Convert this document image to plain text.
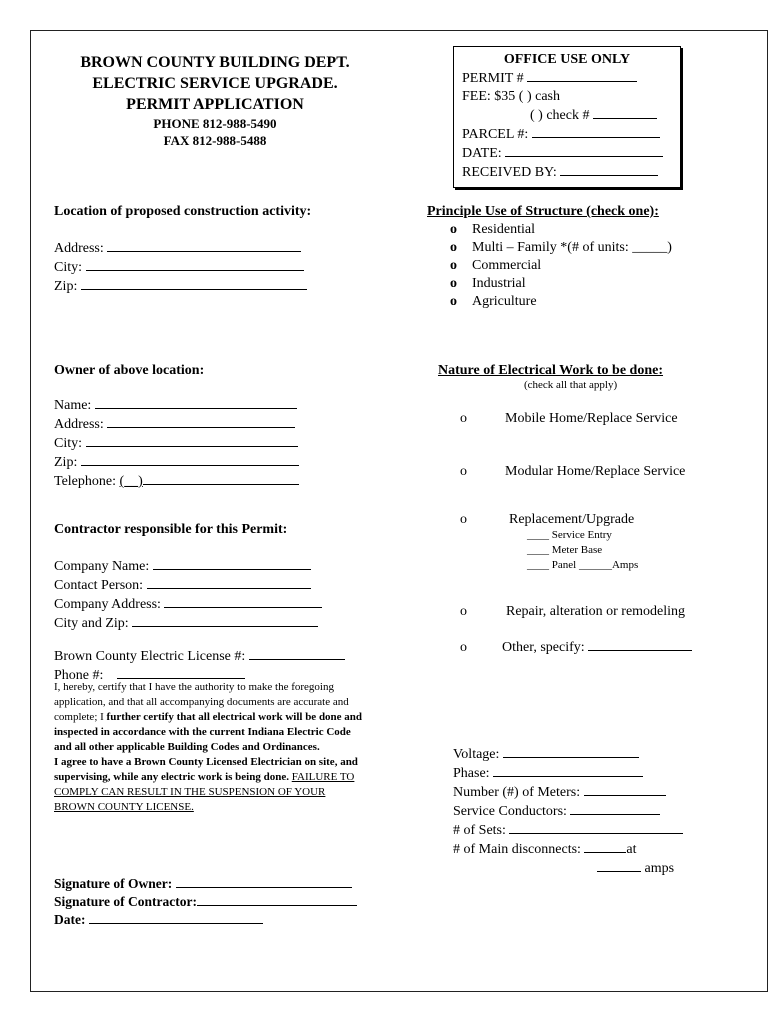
BROWN COUNTY BUILDING DEPT.
ELECTRIC SERVICE UPGRADE.
PERMIT APPLICATION
PHONE 812-988-5490
FAX 812-988-5488
OFFICE USE ONLY
PERMIT #
FEE: $35 ( ) cash
( ) check #
PARCEL #:
DATE:
RECEIVED BY:
Location of proposed construction activity:
Address:
City:
Zip:
Principle Use of Structure (check one):
o Residential
o Multi – Family *(# of units: _____)
o Commercial
o Industrial
o Agriculture
Owner of above location:
Name:
Address:
City:
Zip:
Telephone: (__)
Nature of Electrical Work to be done:
(check all that apply)
o	Mobile Home/Replace Service
o	Modular Home/Replace Service
o	Replacement/Upgrade
____ Service Entry
____ Meter Base
____ Panel ______Amps
o	Repair, alteration or remodeling
o	Other, specify:
Contractor responsible for this Permit:
Company Name:
Contact Person:
Company Address:
City and Zip:
Brown County Electric License #:
Phone #:
I, hereby, certify that I have the authority to make the foregoing application, and that all accompanying documents are accurate and complete; I further certify that all electrical work will be done and inspected in accordance with the current Indiana Electric Code and all other applicable Building Codes and Ordinances.
I agree to have a Brown County Licensed Electrician on site, and supervising, while any electric work is being done. FAILURE TO COMPLY CAN RESULT IN THE SUSPENSION OF YOUR BROWN COUNTY LICENSE.
Voltage:
Phase:
Number (#) of Meters:
Service Conductors:
# of Sets:
# of Main disconnects:	at
amps
Signature of Owner:
Signature of Contractor:
Date:
